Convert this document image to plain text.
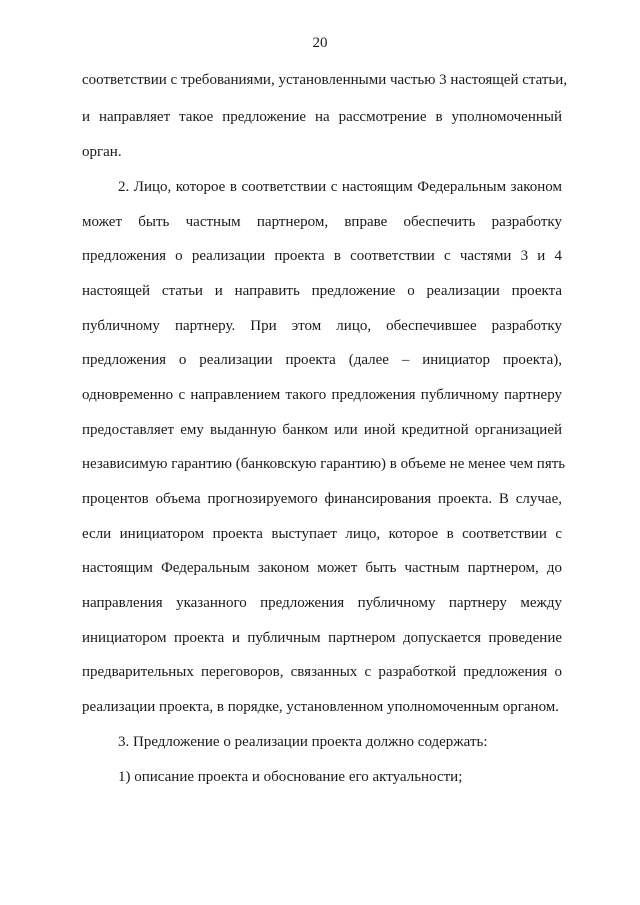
20
соответствии с требованиями, установленными частью 3 настоящей статьи,
и направляет такое предложение на рассмотрение в уполномоченный
орган.
2. Лицо, которое в соответствии с настоящим Федеральным законом
может быть частным партнером, вправе обеспечить разработку
предложения о реализации проекта в соответствии с частями 3 и 4
настоящей статьи и направить предложение о реализации проекта
публичному партнеру. При этом лицо, обеспечившее разработку
предложения о реализации проекта (далее – инициатор проекта),
одновременно с направлением такого предложения публичному партнеру
предоставляет ему выданную банком или иной кредитной организацией
независимую гарантию (банковскую гарантию) в объеме не менее чем пять
процентов объема прогнозируемого финансирования проекта. В случае,
если инициатором проекта выступает лицо, которое в соответствии с
настоящим Федеральным законом может быть частным партнером, до
направления указанного предложения публичному партнеру между
инициатором проекта и публичным партнером допускается проведение
предварительных переговоров, связанных с разработкой предложения о
реализации проекта, в порядке, установленном уполномоченным органом.
3. Предложение о реализации проекта должно содержать:
1) описание проекта и обоснование его актуальности;
